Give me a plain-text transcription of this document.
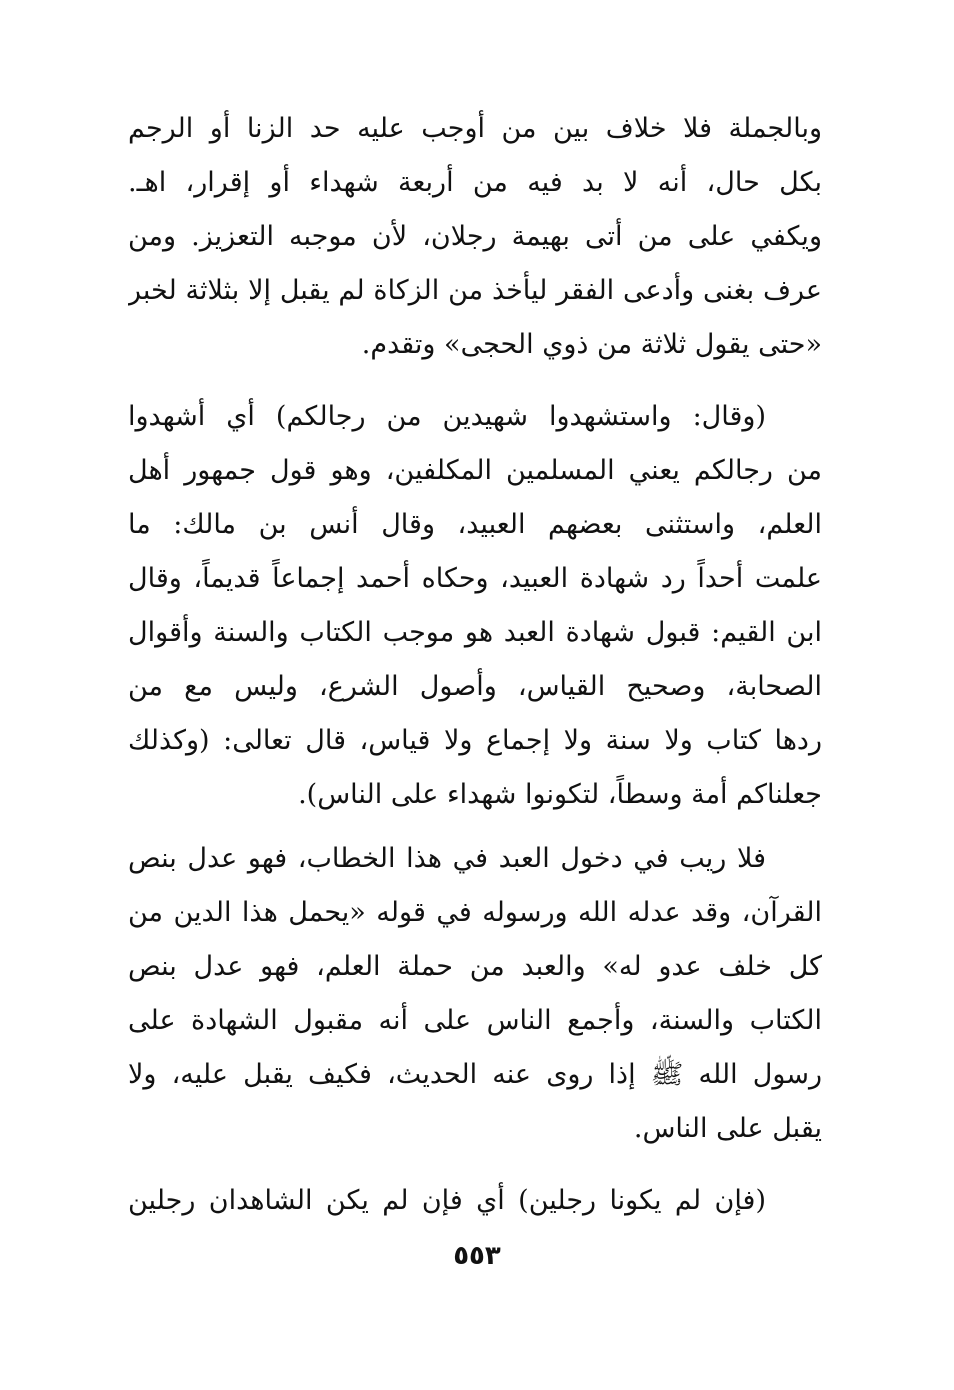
وبالجملة فلا خلاف بين من أوجب عليه حد الزنا أو الرجم
بكل حال، أنه لا بد فيه من أربعة شهداء أو إقرار، اهـ.
ويكفي على من أتى بهيمة رجلان، لأن موجبه التعزيز. ومن
عرف بغنى وأدعى الفقر ليأخذ من الزكاة لم يقبل إلا بثلاثة لخبر
«حتى يقول ثلاثة من ذوي الحجى» وتقدم.
(وقال: واستشهدوا شهيدين من رجالكم) أي أشهدوا
من رجالكم يعني المسلمين المكلفين، وهو قول جمهور أهل
العلم، واستثنى بعضهم العبيد، وقال أنس بن مالك: ما
علمت أحداً رد شهادة العبيد، وحكاه أحمد إجماعاً قديماً، وقال
ابن القيم: قبول شهادة العبد هو موجب الكتاب والسنة وأقوال
الصحابة، وصحيح القياس، وأصول الشرع، وليس مع من
ردها كتاب ولا سنة ولا إجماع ولا قياس، قال تعالى: (وكذلك
جعلناكم أمة وسطاً، لتكونوا شهداء على الناس).
فلا ريب في دخول العبد في هذا الخطاب، فهو عدل بنص
القرآن، وقد عدله الله ورسوله في قوله «يحمل هذا الدين من
كل خلف عدو له» والعبد من حملة العلم، فهو عدل بنص
الكتاب والسنة، وأجمع الناس على أنه مقبول الشهادة على
رسول الله ﷺ إذا روى عنه الحديث، فكيف يقبل عليه، ولا
يقبل على الناس.
(فإن لم يكونا رجلين) أي فإن لم يكن الشاهدان رجلين
٥٥٣
